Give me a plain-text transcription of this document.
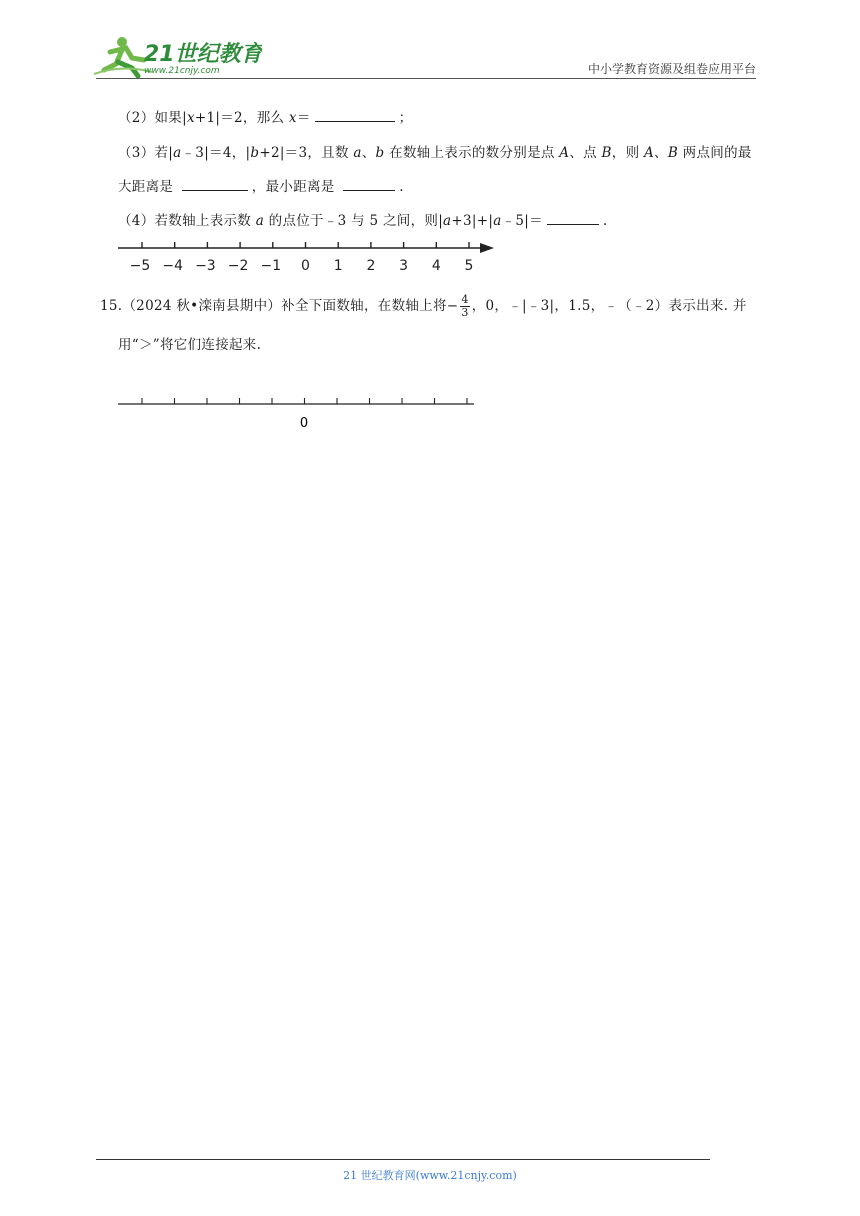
21世纪教育
www.21cnjy.com	中小学教育资源及组卷应用平台
（2）如果|x+1|＝2，那么 x＝	；
（3）若|a﹣3|＝4，|b+2|＝3，且数 a、b 在数轴上表示的数分别是点 A、点 B，则 A、B 两点间的最
大距离是	，最小距离是	.
（4）若数轴上表示数 a 的点位于﹣3 与 5 之间，则|a+3|+|a﹣5|＝	.
−5 −4 −3 −2 −1 0 1 2 3 4 5
15.（2024 秋•滦南县期中）补全下面数轴，在数轴上将− $\frac{4}{3}$ ，0，﹣|﹣3|，1.5，﹣（﹣2）表示出来. 并
用“＞”将它们连接起来.
0
21 世纪教育网(www.21cnjy.com)
